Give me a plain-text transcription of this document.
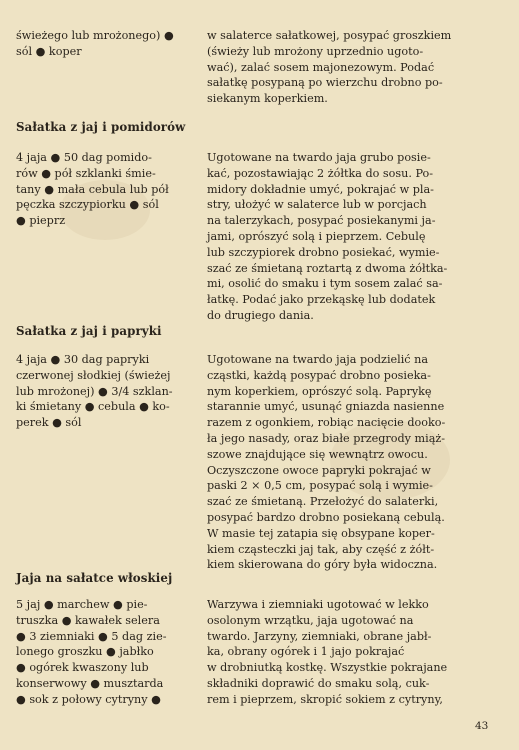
świeżego lub mrożonego) ●
sól ● koper
w salaterce sałatkowej, posypać groszkiem
(świeży lub mrożony uprzednio ugoto-
wać), zalać sosem majonezowym. Podać
sałatkę posypaną po wierzchu drobno po-
siekanym koperkiem.
Sałatka z jaj i pomidorów
4 jaja ● 50 dag pomido-
rów ● pół szklanki śmie-
tany ● mała cebula lub pół
pęczka szczypiorku ● sól
● pieprz
Ugotowane na twardo jaja grubo posie-
kać, pozostawiając 2 żółtka do sosu. Po-
midory dokładnie umyć, pokrajać w pla-
stry, ułożyć w salaterce lub w porcjach
na talerzykach, posypać posiekanymi ja-
jami, oprószyć solą i pieprzem. Cebulę
lub szczypiorek drobno posiekać, wymie-
szać ze śmietaną roztartą z dwoma żółtka-
mi, osolić do smaku i tym sosem zalać sa-
łatkę. Podać jako przekąskę lub dodatek
do drugiego dania.
Sałatka z jaj i papryki
4 jaja ● 30 dag papryki
czerwonej słodkiej (świeżej
lub mrożonej) ● 3/4 szklan-
ki śmietany ● cebula ● ko-
perek ● sól
Ugotowane na twardo jaja podzielić na
cząstki, każdą posypać drobno posieka-
nym koperkiem, oprószyć solą. Paprykę
starannie umyć, usunąć gniazda nasienne
razem z ogonkiem, robiąc nacięcie dooko-
ła jego nasady, oraz białe przegrody miąż-
szowe znajdujące się wewnątrz owocu.
Oczyszczone owoce papryki pokrajać w
paski 2 × 0,5 cm, posypać solą i wymie-
szać ze śmietaną. Przełożyć do salaterki,
posypać bardzo drobno posiekaną cebulą.
W masie tej zatapia się obsypane koper-
kiem cząsteczki jaj tak, aby część z żółt-
kiem skierowana do góry była widoczna.
Jaja na sałatce włoskiej
5 jaj ● marchew ● pie-
truszka ● kawałek selera
● 3 ziemniaki ● 5 dag zie-
lonego groszku ● jabłko
● ogórek kwaszony lub
konserwowy ● musztarda
● sok z połowy cytryny ●
Warzywa i ziemniaki ugotować w lekko
osolonym wrzątku, jaja ugotować na
twardo. Jarzyny, ziemniaki, obrane jabł-
ka, obrany ogórek i 1 jajo pokrajać
w drobniutką kostkę. Wszystkie pokrajane
składniki doprawić do smaku solą, cuk-
rem i pieprzem, skropić sokiem z cytryny,
43
